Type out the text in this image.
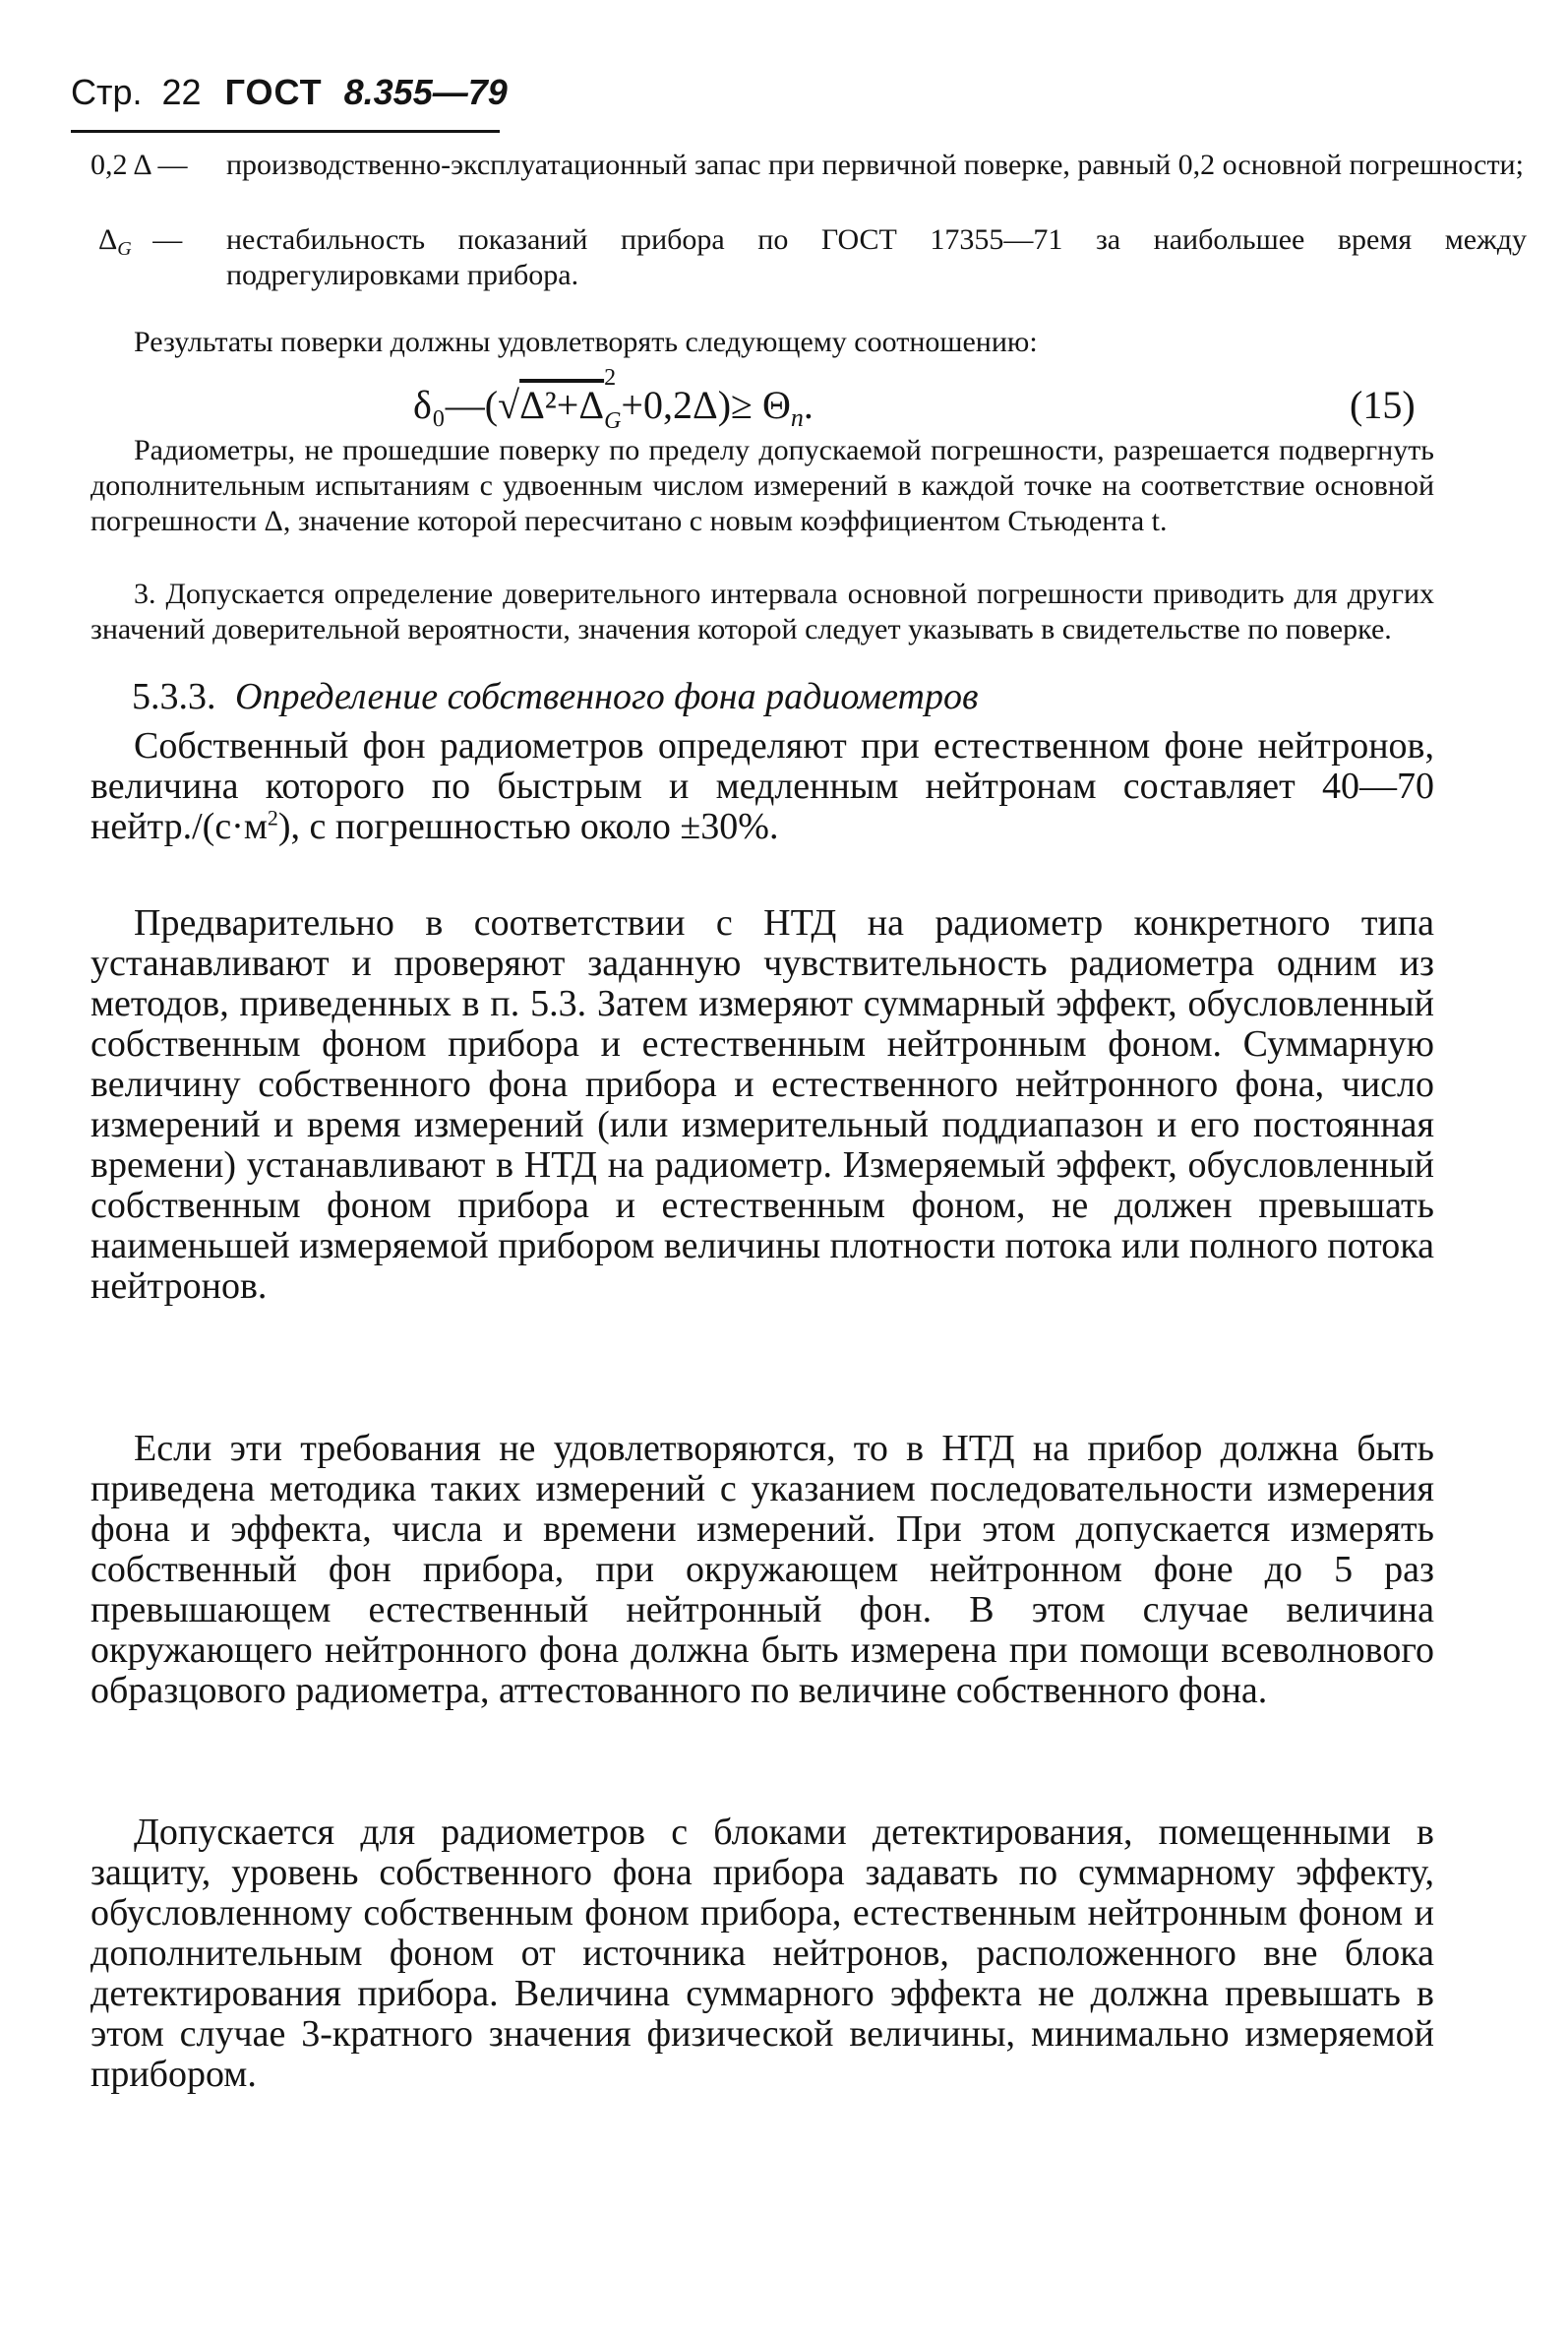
Стр. 22 ГОСТ 8.355—79
0,2 Δ — производственно-эксплуатационный запас при первичной поверке, равный 0,2 основной погрешности;
$\Delta_G$ — нестабильность показаний прибора по ГОСТ 17355—71 за наибольшее время между подрегулировками прибора.
Результаты поверки должны удовлетворять следующему соотношению:
δ₀—(√Δ²+Δ
2
$_G+0,2\Delta)\ge \Theta_n$.	(15)
Радиометры, не прошедшие поверку по пределу допускаемой погрешности, разрешается подвергнуть дополнительным испытаниям с удвоенным числом измерений в каждой точке на соответствие основной погрешности Δ, значение которой пересчитано с новым коэффициентом Стьюдента t.
3. Допускается определение доверительного интервала основной погрешности приводить для других значений доверительной вероятности, значения которой следует указывать в свидетельстве по поверке.
5.3.3. Определение собственного фона радиометров
Собственный фон радиометров определяют при естественном фоне нейтронов, величина которого по быстрым и медленным нейтронам составляет 40—70 $нейтр./(с\cdot м^2)$, с погрешностью около ±30%.
Предварительно в соответствии с НТД на радиометр конкретного типа устанавливают и проверяют заданную чувствительность радиометра одним из методов, приведенных в п. 5.3. Затем измеряют суммарный эффект, обусловленный собственным фоном прибора и естественным нейтронным фоном. Суммарную величину собственного фона прибора и естественного нейтронного фона, число измерений и время измерений (или измерительный поддиапазон и его постоянная времени) устанавливают в НТД на радиометр. Измеряемый эффект, обусловленный собственным фоном прибора и естественным фоном, не должен превышать наименьшей измеряемой прибором величины плотности потока или полного потока нейтронов.
Если эти требования не удовлетворяются, то в НТД на прибор должна быть приведена методика таких измерений с указанием последовательности измерения фона и эффекта, числа и времени измерений. При этом допускается измерять собственный фон прибора, при окружающем нейтронном фоне до 5 раз превышающем естественный нейтронный фон. В этом случае величина окружающего нейтронного фона должна быть измерена при помощи всеволнового образцового радиометра, аттестованного по величине собственного фона.
Допускается для радиометров с блоками детектирования, помещенными в защиту, уровень собственного фона прибора задавать по суммарному эффекту, обусловленному собственным фоном прибора, естественным нейтронным фоном и дополнительным фоном от источника нейтронов, расположенного вне блока детектирования прибора. Величина суммарного эффекта не должна превышать в этом случае 3-кратного значения физической величины, минимально измеряемой прибором.
